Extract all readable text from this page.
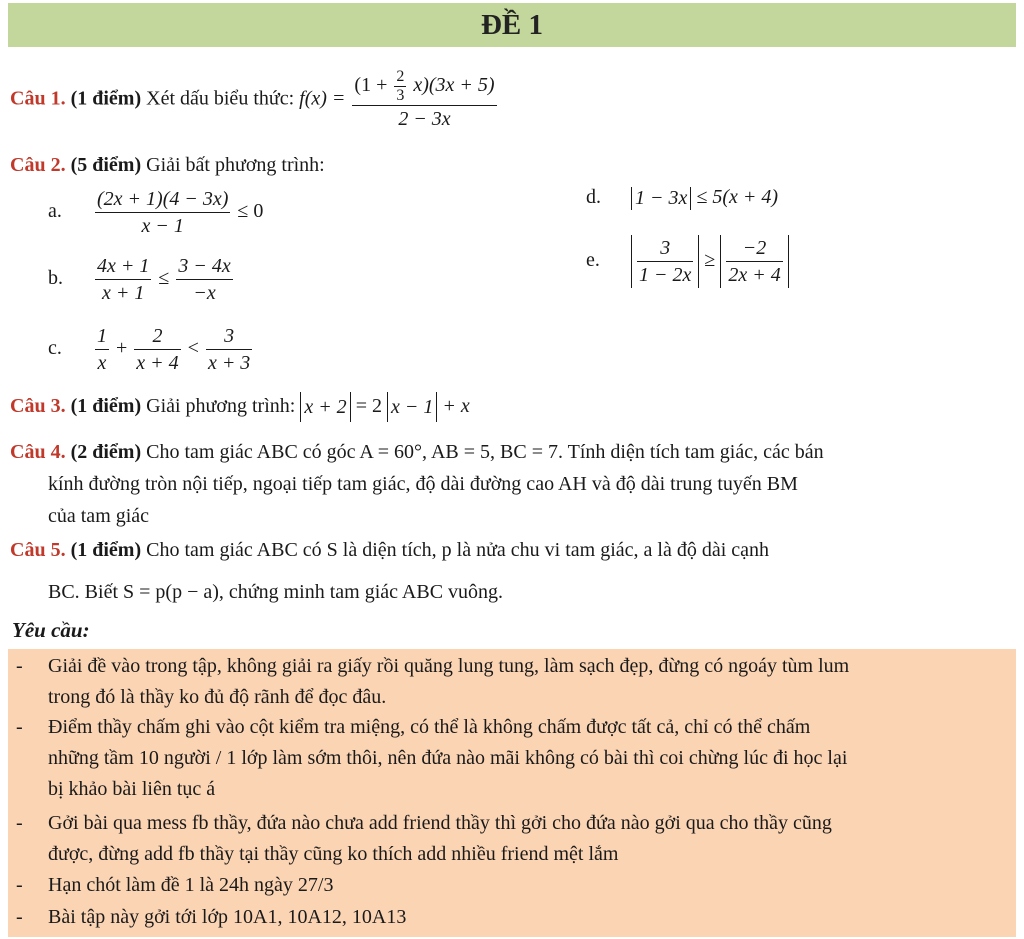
ĐỀ 1
Câu 1. (1 điểm) Xét dấu biểu thức: f(x) =
$(1 + \frac{2}{3} x)(3x + 5)$
2 − 3x
Câu 2. (5 điểm) Giải bất phương trình:
a. $\frac{(2x + 1)(4 - 3x)}{x - 1} \le 0$
b. $\frac{4x + 1}{x + 1} \le \frac{3 - 4x}{-x}$
c. $\frac{1}{x} + \frac{2}{x + 4} < \frac{3}{x + 3}$
d. 1 − 3x ≤ 5(x + 4)
e. $\frac{3}{1 - 2x} \ge \frac{-2}{2x + 4}$
Câu 3. (1 điểm) Giải phương trình: x + 2 = 2 x − 1 + x
Câu 4. (2 điểm) Cho tam giác ABC có góc A = 60°, AB = 5, BC = 7. Tính diện tích tam giác, các bán
kính đường tròn nội tiếp, ngoại tiếp tam giác, độ dài đường cao AH và độ dài trung tuyến BM
của tam giác
Câu 5. (1 điểm) Cho tam giác ABC có S là diện tích, p là nửa chu vi tam giác, a là độ dài cạnh
BC. Biết S = p(p − a), chứng minh tam giác ABC vuông.
Yêu cầu:
- Giải đề vào trong tập, không giải ra giấy rồi quăng lung tung, làm sạch đẹp, đừng có ngoáy tùm lum
trong đó là thầy ko đủ độ rãnh để đọc đâu.
- Điểm thầy chấm ghi vào cột kiểm tra miệng, có thể là không chấm được tất cả, chỉ có thể chấm
những tầm 10 người / 1 lớp làm sớm thôi, nên đứa nào mãi không có bài thì coi chừng lúc đi học lại
bị khảo bài liên tục á
- Gởi bài qua mess fb thầy, đứa nào chưa add friend thầy thì gởi cho đứa nào gởi qua cho thầy cũng
được, đừng add fb thầy tại thầy cũng ko thích add nhiều friend mệt lắm
- Hạn chót làm đề 1 là 24h ngày 27/3
- Bài tập này gởi tới lớp 10A1, 10A12, 10A13
